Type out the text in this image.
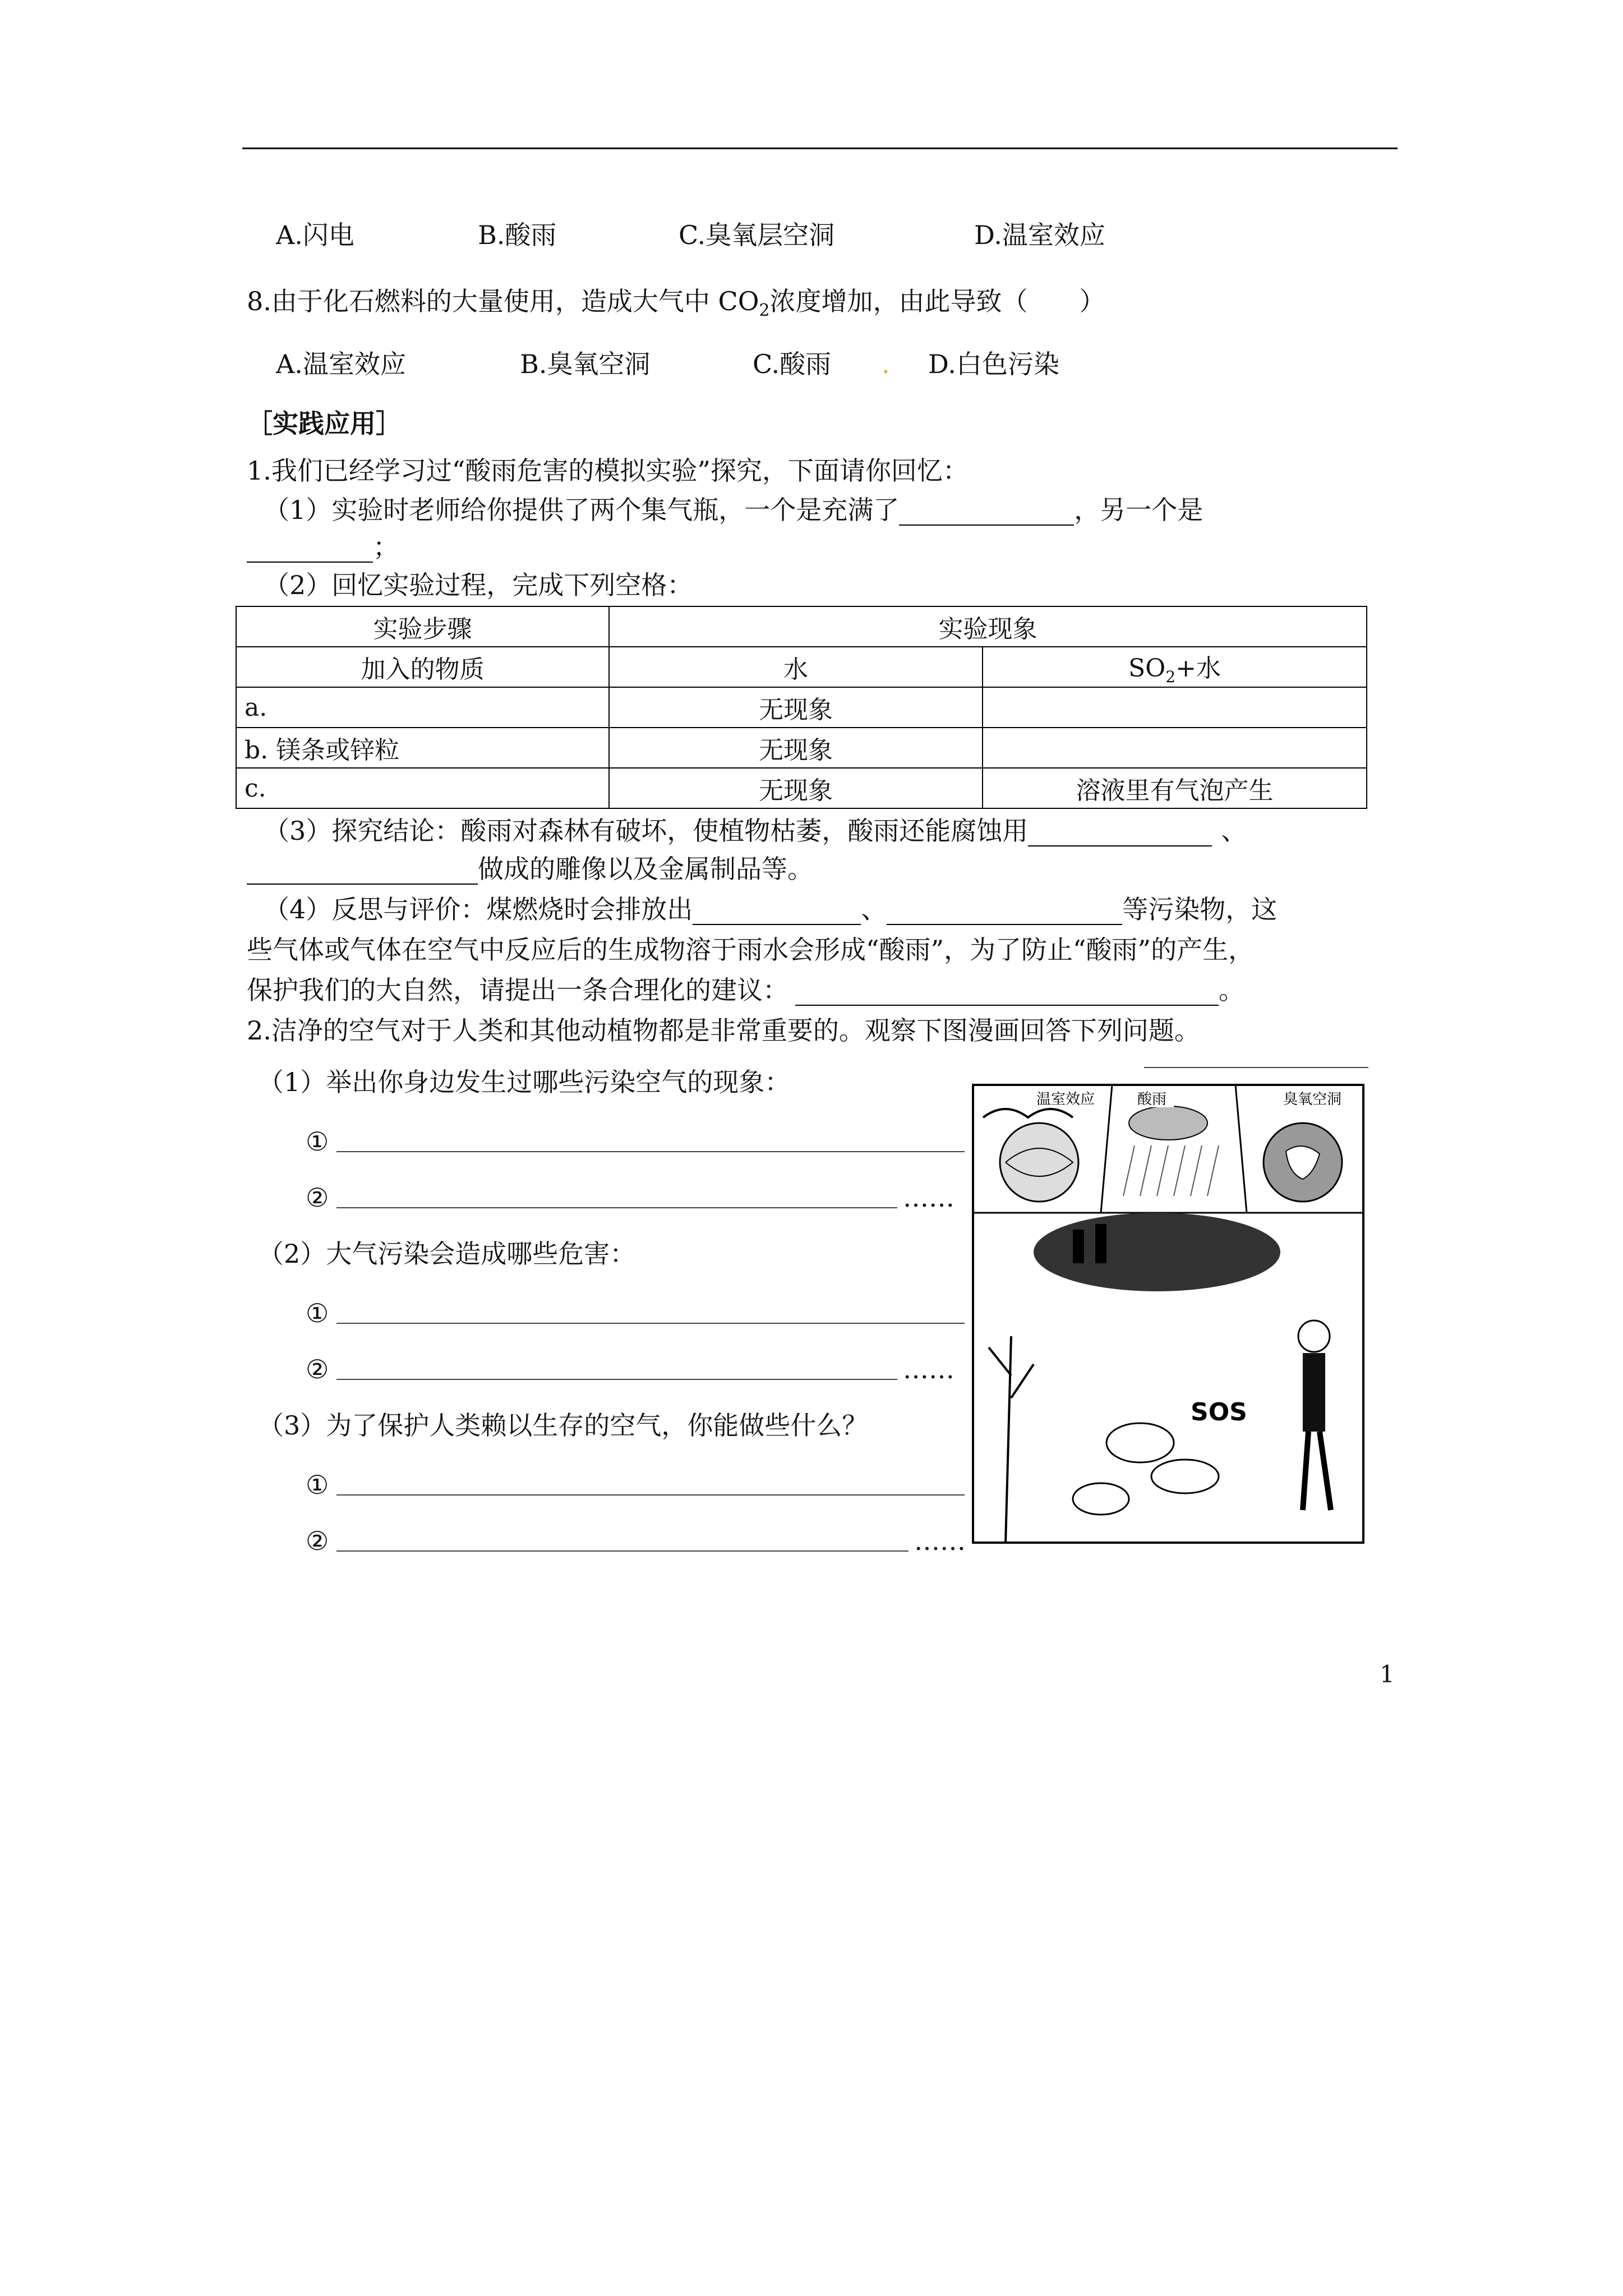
A.闪电	B.酸雨	C.臭氧层空洞	D.温室效应
8.由于化石燃料的大量使用，造成大气中 $CO_2$浓度增加，由此导致（　　）
A.温室效应	B.臭氧空洞	C.酸雨 . D.白色污染
［实践应用］
1.我们已经学习过“酸雨危害的模拟实验”探究，下面请你回忆：
（1）实验时老师给你提供了两个集气瓶，一个是充满了	，另一个是
；
（2）回忆实验过程，完成下列空格：
实验步骤	实验现象	
加入的物质	水	$SO_2+$水
a.	无现象	
b. 镁条或锌粒	无现象	
c.	无现象	溶液里有气泡产生
（3）探究结论：酸雨对森林有破坏，使植物枯萎，酸雨还能腐蚀用	、
做成的雕像以及金属制品等。
（4）反思与评价：煤燃烧时会排放出	、	等污染物，这
些气体或气体在空气中反应后的生成物溶于雨水会形成“酸雨”，为了防止“酸雨”的产生，
保护我们的大自然，请提出一条合理化的建议：	。
2.洁净的空气对于人类和其他动植物都是非常重要的。观察下图漫画回答下列问题。
（1）举出你身边发生过哪些污染空气的现象：
①
②	……
（2）大气污染会造成哪些危害：
①
②	……
（3）为了保护人类赖以生存的空气，你能做些什么？
①
②	……
温室效应	酸雨	臭氧空洞
SOS
1
